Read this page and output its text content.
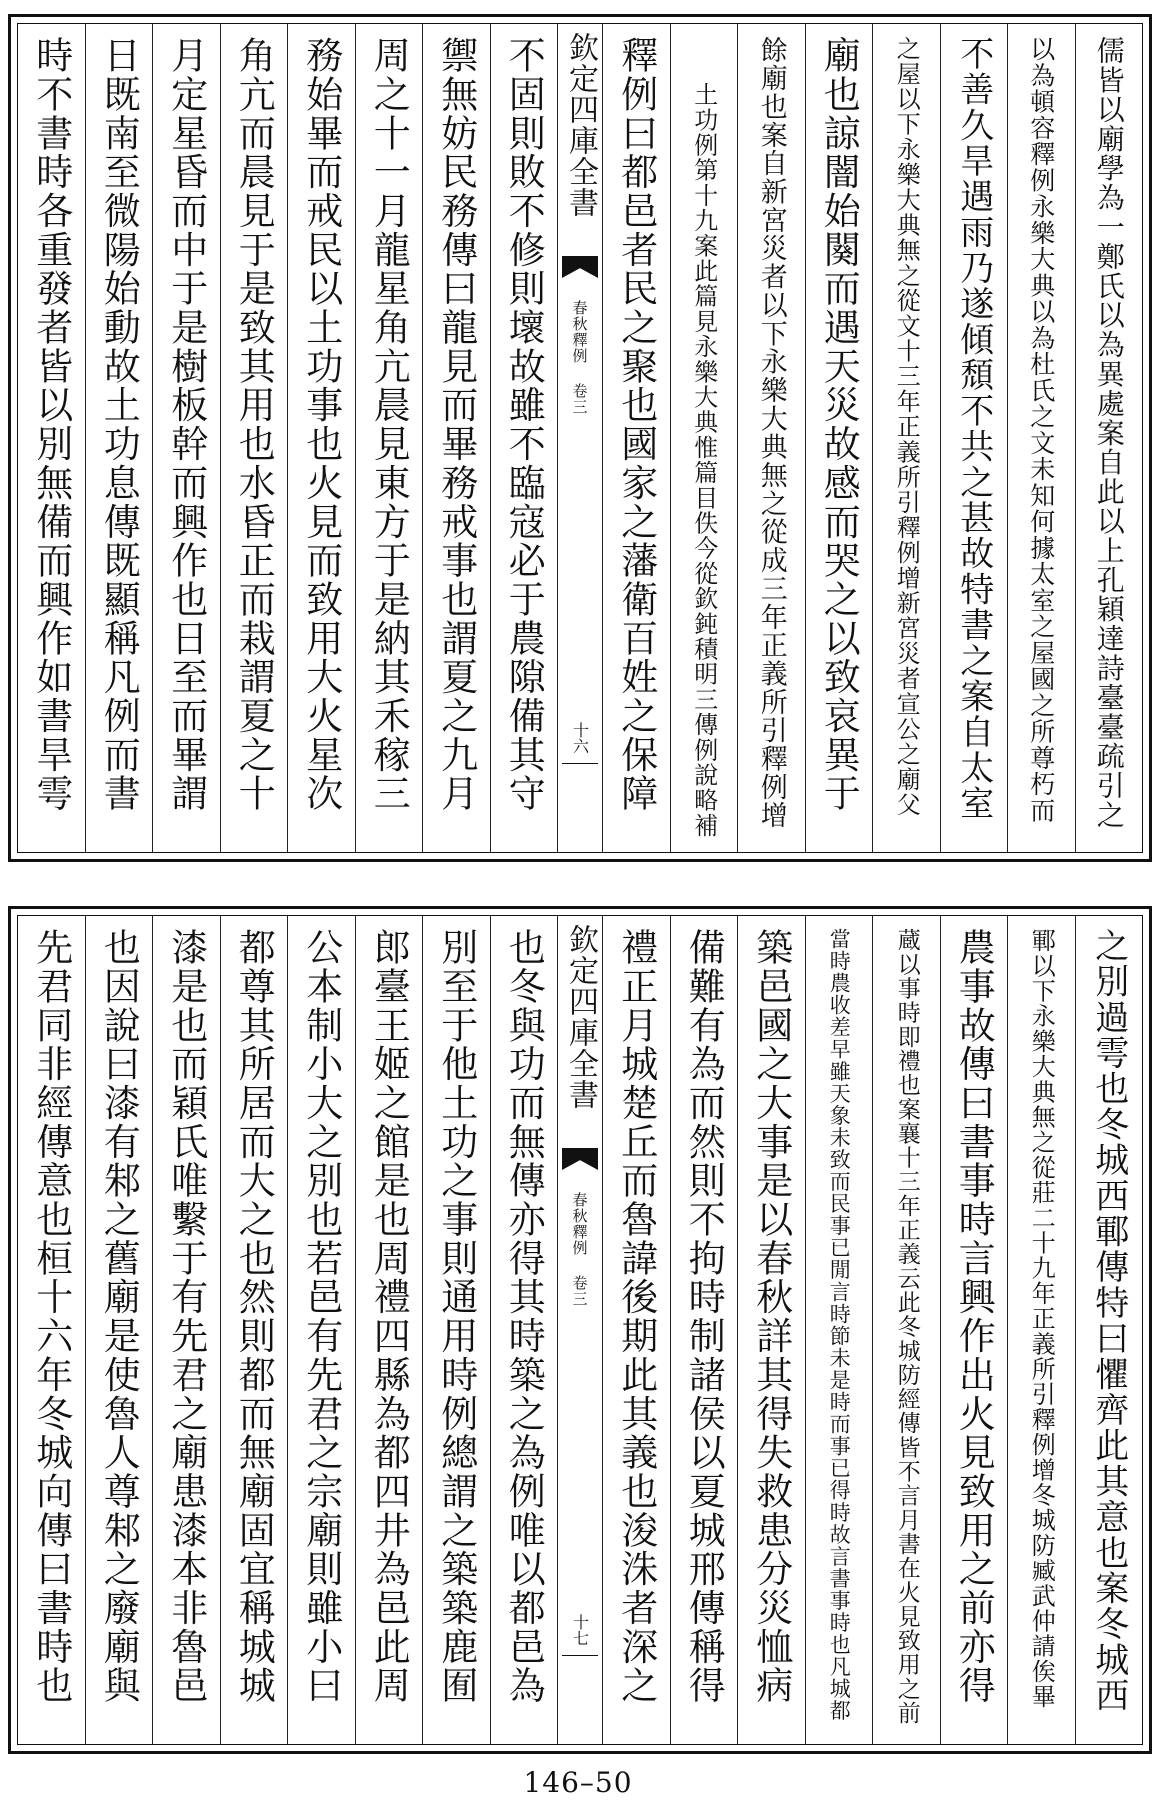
儒皆以廟學為一鄭氏以為異處案自此以上孔穎達詩臺臺疏引之
以為頓容釋例永樂大典以為杜氏之文未知何據太室之屋國之所尊朽而
不善久旱遇雨乃遂傾頹不共之甚故特書之案自太室
之屋以下永樂大典無之從文十三年正義所引釋例增新宮災者宣公之廟父
廟也諒闇始闋而遇天災故感而哭之以致哀異于
餘廟也案自新宮災者以下永樂大典無之從成三年正義所引釋例增
土功例第十九案此篇見永樂大典惟篇目佚今從欽鈍積明三傳例說略補
釋例曰都邑者民之聚也國家之藩衛百姓之保障
欽定四庫全書
春秋釋例 卷三
十六
不固則敗不修則壞故雖不臨寇必于農隙備其守
禦無妨民務傳曰龍見而畢務戒事也謂夏之九月
周之十一月龍星角亢晨見東方于是納其禾稼三
務始畢而戒民以土功事也火見而致用大火星次
角亢而晨見于是致其用也水昏正而栽謂夏之十
月定星昏而中于是樹板幹而興作也日至而畢謂
日既南至微陽始動故土功息傳既顯稱凡例而書
時不書時各重發者皆以別無備而興作如書旱雩
之別過雩也冬城西鄆傳特曰懼齊此其意也案冬城西
鄆以下永樂大典無之從莊二十九年正義所引釋例增冬城防臧武仲請俟畢
農事故傳曰書事時言興作出火見致用之前亦得
蔵以事時即禮也案襄十三年正義云此冬城防經傳皆不言月書在火見致用之前
當時農收差早雖天象未致而民事已閒言時節未是時而事已得時故言書事時也凡城都
築邑國之大事是以春秋詳其得失救患分災恤病
備難有為而然則不拘時制諸侯以夏城邢傳稱得
禮正月城楚丘而魯諱後期此其義也浚洙者深之
欽定四庫全書
春秋釋例 卷三
十七
也冬與功而無傳亦得其時築之為例唯以都邑為
別至于他土功之事則通用時例總謂之築築鹿囿
郎臺王姬之館是也周禮四縣為都四井為邑此周
公本制小大之別也若邑有先君之宗廟則雖小曰
都尊其所居而大之也然則都而無廟固宜稱城城
漆是也而穎氏唯繫于有先君之廟患漆本非魯邑
也因說曰漆有邾之舊廟是使魯人尊邾之廢廟與
先君同非經傳意也桓十六年冬城向傳曰書時也
146–50
